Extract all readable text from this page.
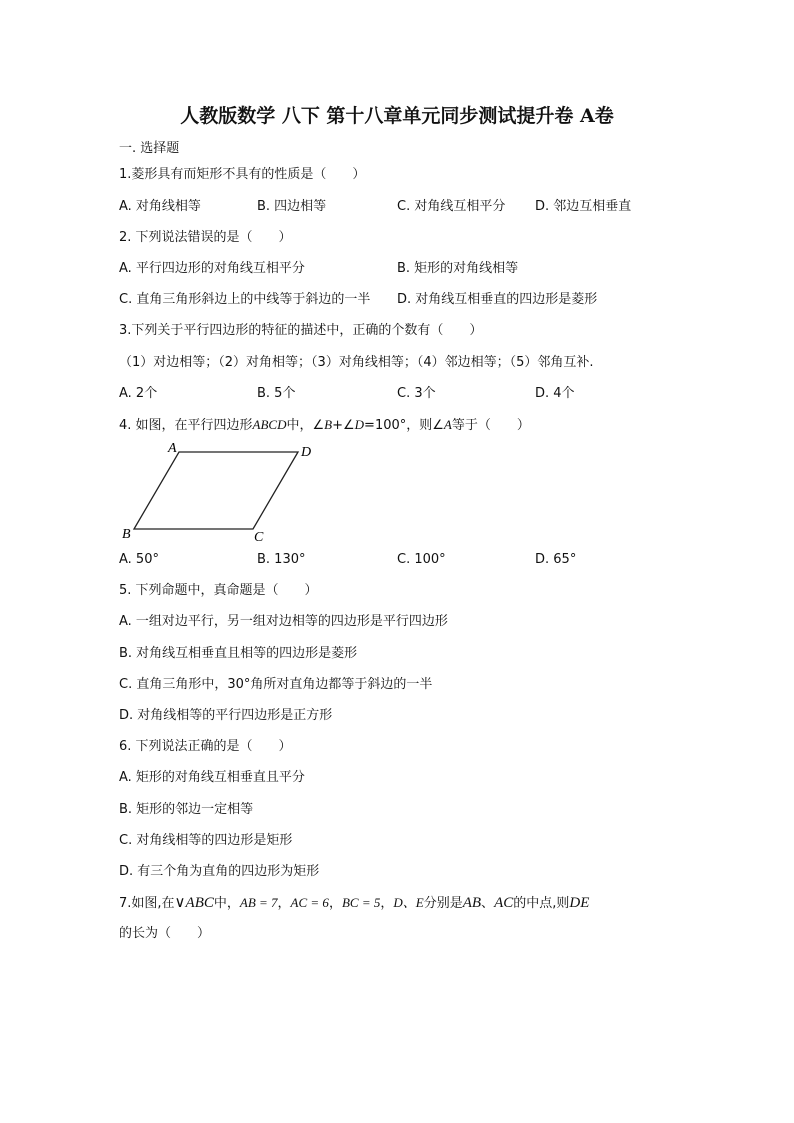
人教版数学 八下 第十八章单元同步测试提升卷 A卷
一. 选择题
1.菱形具有而矩形不具有的性质是（　　）
A. 对角线相等	B. 四边相等	C. 对角线互相平分 D. 邻边互相垂直
2. 下列说法错误的是（　　）
A. 平行四边形的对角线互相平分	B. 矩形的对角线相等
C. 直角三角形斜边上的中线等于斜边的一半 D. 对角线互相垂直的四边形是菱形
3.下列关于平行四边形的特征的描述中，正确的个数有（　　）
（1）对边相等；（2）对角相等；（3）对角线相等；（4）邻边相等；（5）邻角互补.
A. 2个	B. 5个	C. 3个	D. 4个
4. 如图，在平行四边形ABCD中，∠B+∠D=100°，则∠A等于（　　）
A	D
B	C
A. 50°	B. 130°	C. 100°	D. 65°
5. 下列命题中，真命题是（　　）
A. 一组对边平行，另一组对边相等的四边形是平行四边形
B. 对角线互相垂直且相等的四边形是菱形
C. 直角三角形中，30°角所对直角边都等于斜边的一半
D. 对角线相等的平行四边形是正方形
6. 下列说法正确的是（　　）
A. 矩形的对角线互相垂直且平分
B. 矩形的邻边一定相等
C. 对角线相等的四边形是矩形
D. 有三个角为直角的四边形为矩形
7.如图,在∨ABC中，AB = 7，AC = 6，BC = 5，D、E分别是AB、AC的中点,则DE
的长为（　　）
